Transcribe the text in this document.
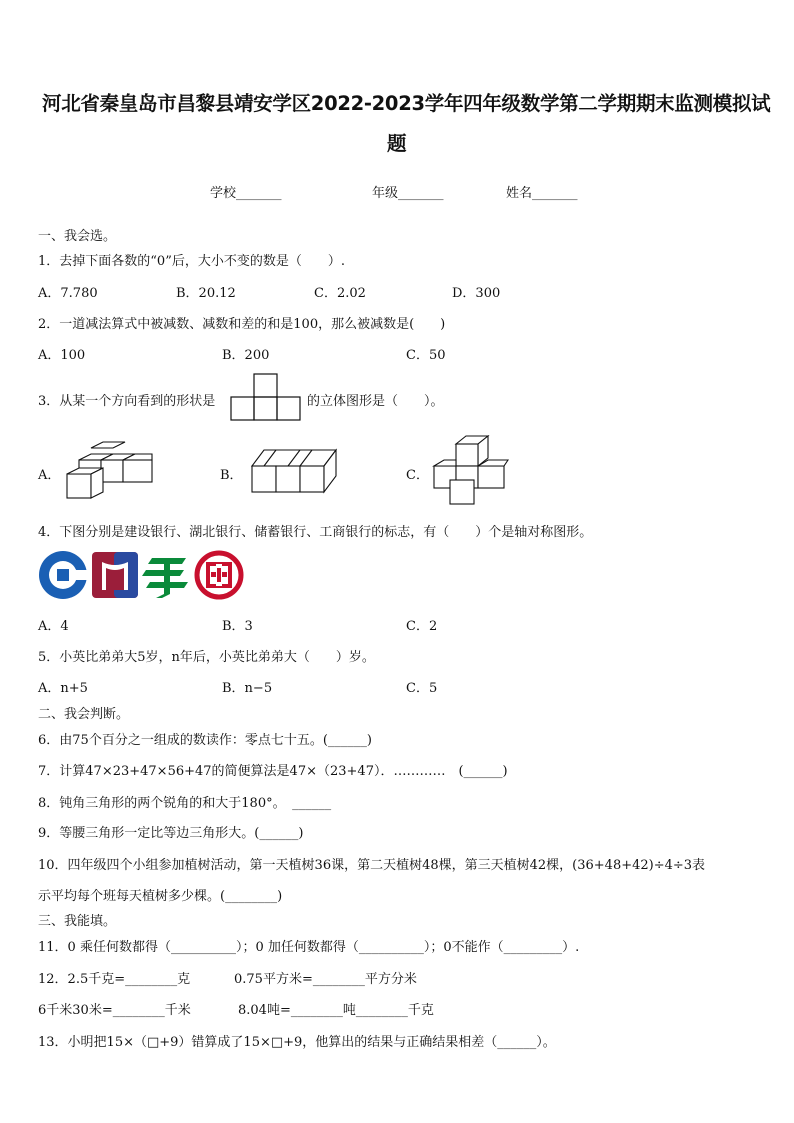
河北省秦皇岛市昌黎县靖安学区2022-2023学年四年级数学第二学期期末监测模拟试
题
学校_______	年级_______	姓名_______
一、我会选。
1．去掉下面各数的“0”后，大小不变的数是（　　）.
A．7.780	B．20.12	C．2.02	D．300
2．一道减法算式中被减数、减数和差的和是100，那么被减数是(　　)
A．100	B．200	C．50
3．从某一个方向看到的形状是	的立体图形是（　　）。
A．	B．	C．
4．下图分别是建设银行、湖北银行、储蓄银行、工商银行的标志，有（　　）个是轴对称图形。
A．4	B．3	C．2
5．小英比弟弟大5岁，n年后，小英比弟弟大（　　）岁。
A．n+5	B．n−5	C．5
二、我会判断。
6．由75个百分之一组成的数读作：零点七十五。(______)
7．计算47×23+47×56+47的简便算法是47×（23+47）．…………　(______)
8．钝角三角形的两个锐角的和大于180°。　______
9．等腰三角形一定比等边三角形大。(______)
10．四年级四个小组参加植树活动，第一天植树36课，第二天植树48棵，第三天植树42棵，(36+48+42)÷4÷3表
示平均每个班每天植树多少棵。(________)
三、我能填。
11．0 乘任何数都得（__________）；0 加任何数都得（__________）；0不能作（_________）.
12．2.5千克=________克	0.75平方米=________平方分米
6千米30米=________千米	8.04吨=________吨________千克
13．小明把15×（□+9）错算成了15×□+9，他算出的结果与正确结果相差（______）。
